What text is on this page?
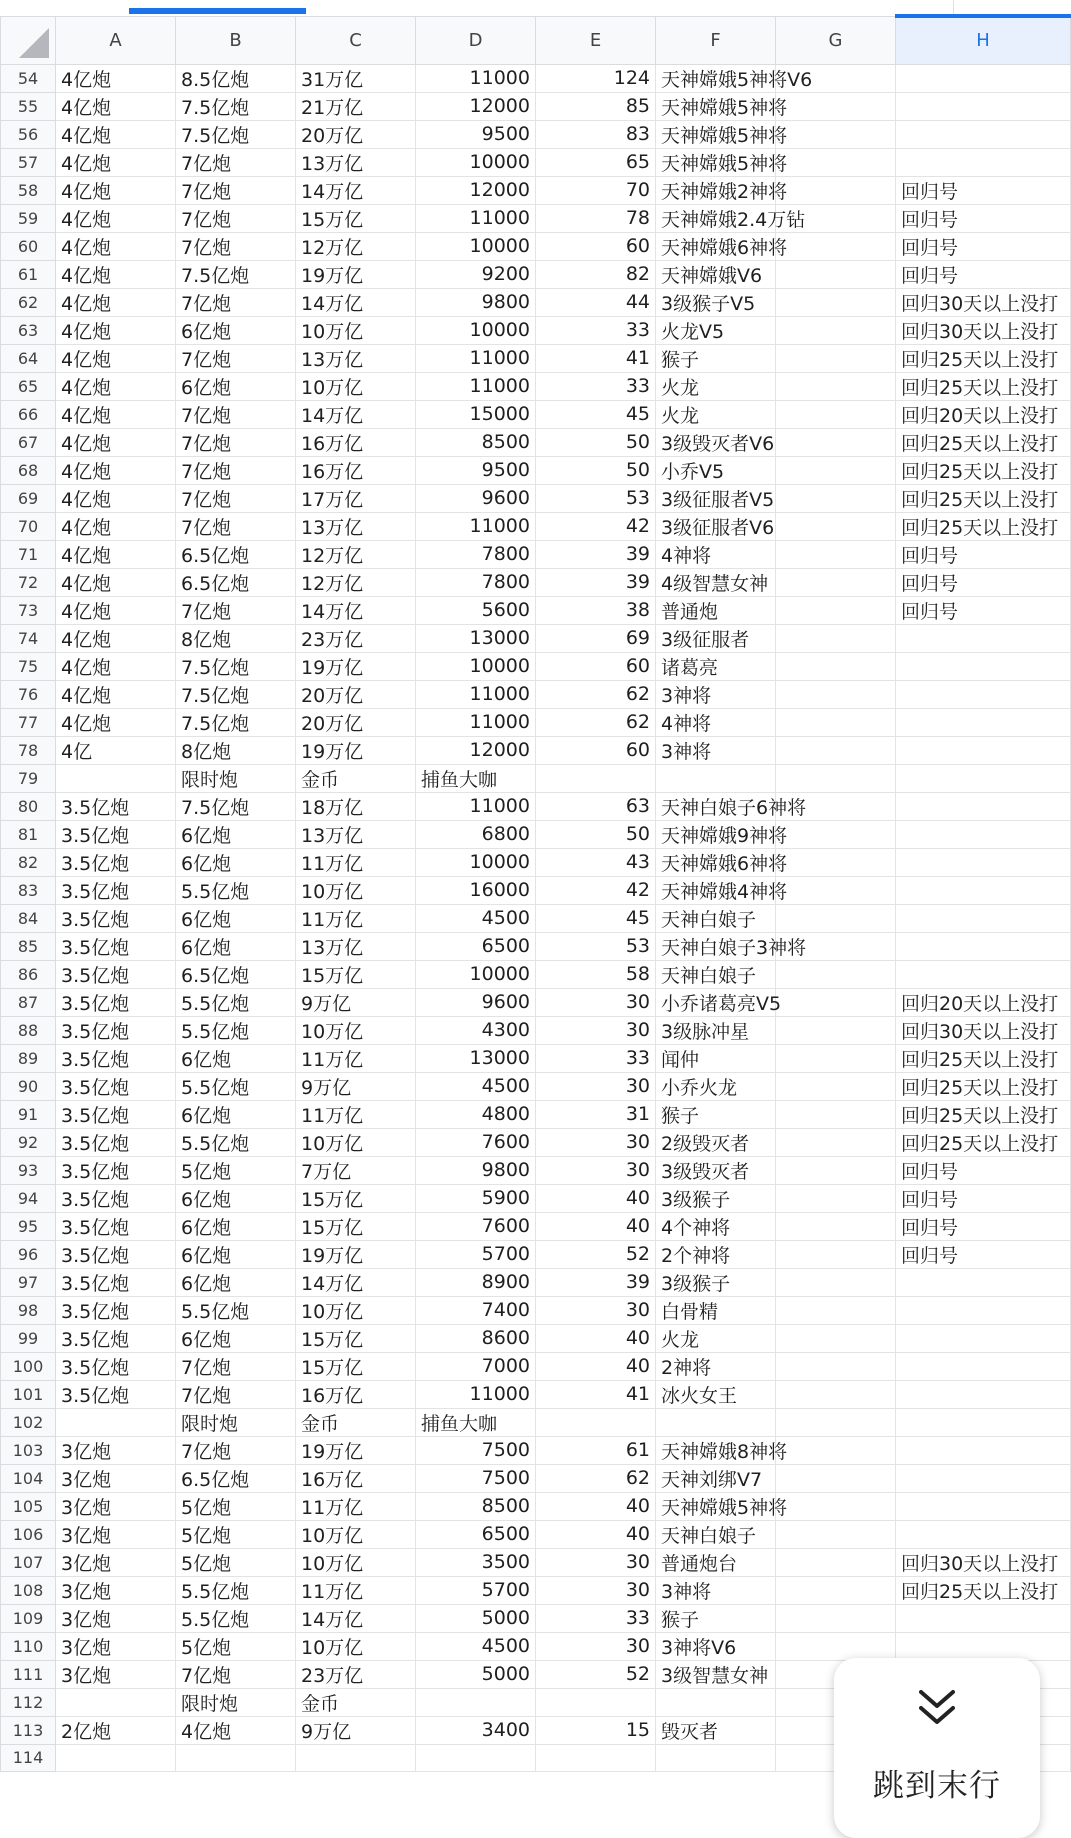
	A	B	C	D	E	F	G	H
54	4亿炮	8.5亿炮	31万亿	11000	124	天神嫦娥5神将V6		
55	4亿炮	7.5亿炮	21万亿	12000	85	天神嫦娥5神将		
56	4亿炮	7.5亿炮	20万亿	9500	83	天神嫦娥5神将		
57	4亿炮	7亿炮	13万亿	10000	65	天神嫦娥5神将		
58	4亿炮	7亿炮	14万亿	12000	70	天神嫦娥2神将		回归号
59	4亿炮	7亿炮	15万亿	11000	78	天神嫦娥2.4万钻		回归号
60	4亿炮	7亿炮	12万亿	10000	60	天神嫦娥6神将		回归号
61	4亿炮	7.5亿炮	19万亿	9200	82	天神嫦娥V6		回归号
62	4亿炮	7亿炮	14万亿	9800	44	3级猴子V5		回归30天以上没打
63	4亿炮	6亿炮	10万亿	10000	33	火龙V5		回归30天以上没打
64	4亿炮	7亿炮	13万亿	11000	41	猴子		回归25天以上没打
65	4亿炮	6亿炮	10万亿	11000	33	火龙		回归25天以上没打
66	4亿炮	7亿炮	14万亿	15000	45	火龙		回归20天以上没打
67	4亿炮	7亿炮	16万亿	8500	50	3级毁灭者V6		回归25天以上没打
68	4亿炮	7亿炮	16万亿	9500	50	小乔V5		回归25天以上没打
69	4亿炮	7亿炮	17万亿	9600	53	3级征服者V5		回归25天以上没打
70	4亿炮	7亿炮	13万亿	11000	42	3级征服者V6		回归25天以上没打
71	4亿炮	6.5亿炮	12万亿	7800	39	4神将		回归号
72	4亿炮	6.5亿炮	12万亿	7800	39	4级智慧女神		回归号
73	4亿炮	7亿炮	14万亿	5600	38	普通炮		回归号
74	4亿炮	8亿炮	23万亿	13000	69	3级征服者		
75	4亿炮	7.5亿炮	19万亿	10000	60	诸葛亮		
76	4亿炮	7.5亿炮	20万亿	11000	62	3神将		
77	4亿炮	7.5亿炮	20万亿	11000	62	4神将		
78	4亿	8亿炮	19万亿	12000	60	3神将		
79		限时炮	金币	捕鱼大咖				
80	3.5亿炮	7.5亿炮	18万亿	11000	63	天神白娘子6神将		
81	3.5亿炮	6亿炮	13万亿	6800	50	天神嫦娥9神将		
82	3.5亿炮	6亿炮	11万亿	10000	43	天神嫦娥6神将		
83	3.5亿炮	5.5亿炮	10万亿	16000	42	天神嫦娥4神将		
84	3.5亿炮	6亿炮	11万亿	4500	45	天神白娘子		
85	3.5亿炮	6亿炮	13万亿	6500	53	天神白娘子3神将		
86	3.5亿炮	6.5亿炮	15万亿	10000	58	天神白娘子		
87	3.5亿炮	5.5亿炮	9万亿	9600	30	小乔诸葛亮V5		回归20天以上没打
88	3.5亿炮	5.5亿炮	10万亿	4300	30	3级脉冲星		回归30天以上没打
89	3.5亿炮	6亿炮	11万亿	13000	33	闻仲		回归25天以上没打
90	3.5亿炮	5.5亿炮	9万亿	4500	30	小乔火龙		回归25天以上没打
91	3.5亿炮	6亿炮	11万亿	4800	31	猴子		回归25天以上没打
92	3.5亿炮	5.5亿炮	10万亿	7600	30	2级毁灭者		回归25天以上没打
93	3.5亿炮	5亿炮	7万亿	9800	30	3级毁灭者		回归号
94	3.5亿炮	6亿炮	15万亿	5900	40	3级猴子		回归号
95	3.5亿炮	6亿炮	15万亿	7600	40	4个神将		回归号
96	3.5亿炮	6亿炮	19万亿	5700	52	2个神将		回归号
97	3.5亿炮	6亿炮	14万亿	8900	39	3级猴子		
98	3.5亿炮	5.5亿炮	10万亿	7400	30	白骨精		
99	3.5亿炮	6亿炮	15万亿	8600	40	火龙		
100	3.5亿炮	7亿炮	15万亿	7000	40	2神将		
101	3.5亿炮	7亿炮	16万亿	11000	41	冰火女王		
102		限时炮	金币	捕鱼大咖				
103	3亿炮	7亿炮	19万亿	7500	61	天神嫦娥8神将		
104	3亿炮	6.5亿炮	16万亿	7500	62	天神刘绑V7		
105	3亿炮	5亿炮	11万亿	8500	40	天神嫦娥5神将		
106	3亿炮	5亿炮	10万亿	6500	40	天神白娘子		
107	3亿炮	5亿炮	10万亿	3500	30	普通炮台		回归30天以上没打
108	3亿炮	5.5亿炮	11万亿	5700	30	3神将		回归25天以上没打
109	3亿炮	5.5亿炮	14万亿	5000	33	猴子		
110	3亿炮	5亿炮	10万亿	4500	30	3神将V6		
111	3亿炮	7亿炮	23万亿	5000	52	3级智慧女神		
112		限时炮	金币					
113	2亿炮	4亿炮	9万亿	3400	15	毁灭者		
114								
跳到末行
